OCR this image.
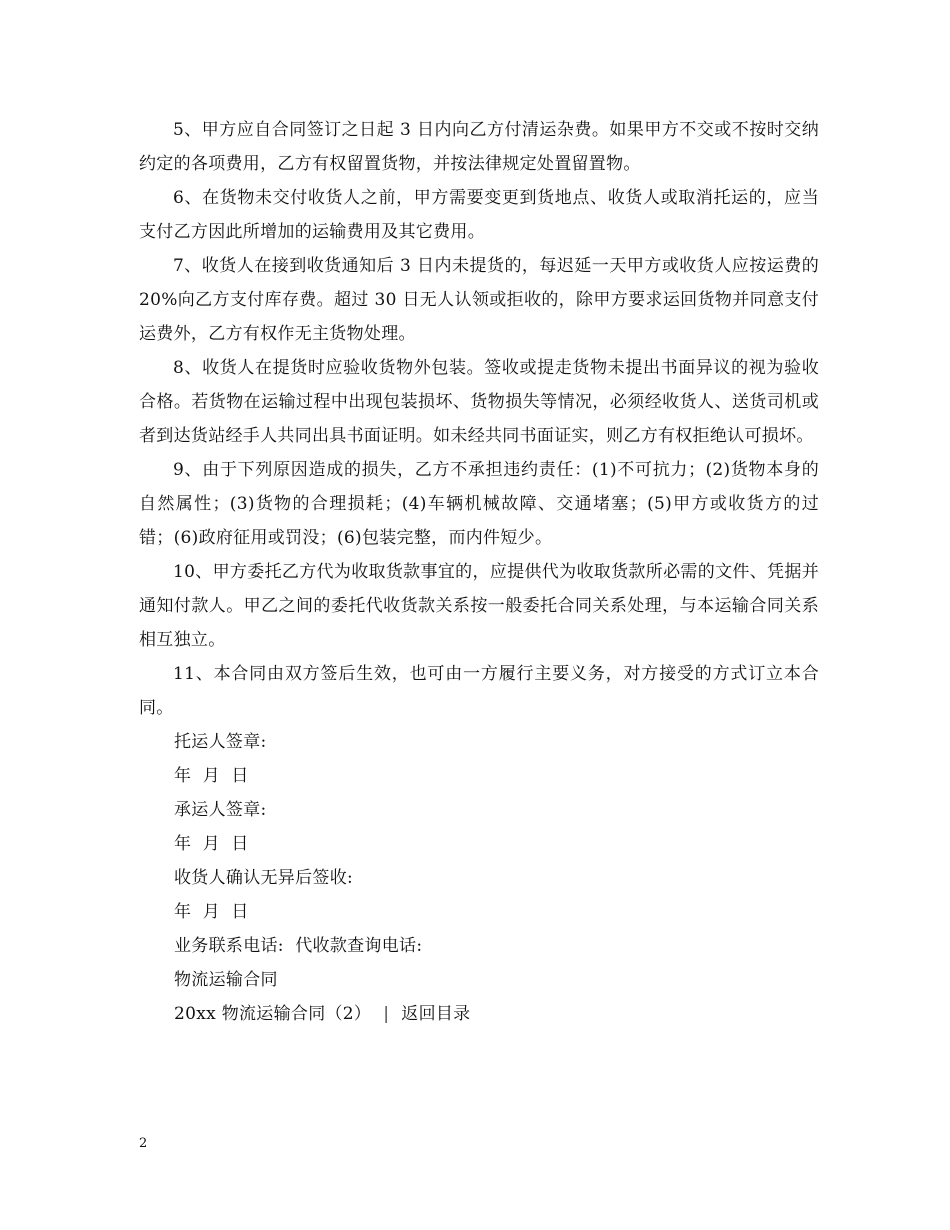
5、甲方应自合同签订之日起 3 日内向乙方付清运杂费。如果甲方不交或不按时交纳约定的各项费用，乙方有权留置货物，并按法律规定处置留置物。

6、在货物未交付收货人之前，甲方需要变更到货地点、收货人或取消托运的，应当支付乙方因此所增加的运输费用及其它费用。

7、收货人在接到收货通知后 3 日内未提货的，每迟延一天甲方或收货人应按运费的 20%向乙方支付库存费。超过 30 日无人认领或拒收的，除甲方要求运回货物并同意支付运费外，乙方有权作无主货物处理。

8、收货人在提货时应验收货物外包装。签收或提走货物未提出书面异议的视为验收合格。若货物在运输过程中出现包装损坏、货物损失等情况，必须经收货人、送货司机或者到达货站经手人共同出具书面证明。如未经共同书面证实，则乙方有权拒绝认可损坏。

9、由于下列原因造成的损失，乙方不承担违约责任：(1)不可抗力；(2)货物本身的自然属性；(3)货物的合理损耗；(4)车辆机械故障、交通堵塞；(5)甲方或收货方的过错；(6)政府征用或罚没；(6)包装完整，而内件短少。

10、甲方委托乙方代为收取货款事宜的，应提供代为收取货款所必需的文件、凭据并通知付款人。甲乙之间的委托代收货款关系按一般委托合同关系处理，与本运输合同关系相互独立。

11、本合同由双方签后生效，也可由一方履行主要义务，对方接受的方式订立本合同。

托运人签章:

年  月  日

承运人签章:

年  月  日

收货人确认无异后签收:

年  月  日

业务联系电话:  代收款查询电话:

物流运输合同

20xx 物流运输合同（2） | 返回目录

2
